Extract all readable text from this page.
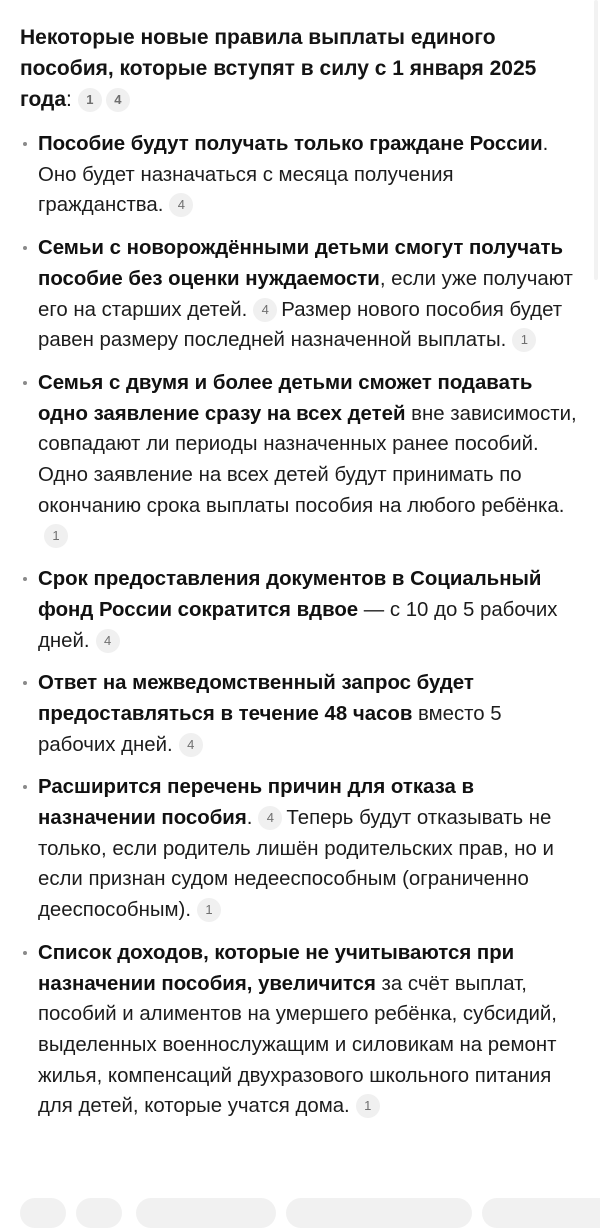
Некоторые новые правила выплаты единого пособия, которые вступят в силу с 1 января 2025 года: 1 4

Пособие будут получать только граждане России. Оно будет назначаться с месяца получения гражданства. 4
Семьи с новорождёнными детьми смогут получать пособие без оценки нуждаемости, если уже получают его на старших детей. 4 Размер нового пособия будет равен размеру последней назначенной выплаты. 1
Семья с двумя и более детьми сможет подавать одно заявление сразу на всех детей вне зависимости, совпадают ли периоды назначенных ранее пособий. Одно заявление на всех детей будут принимать по окончанию срока выплаты пособия на любого ребёнка.1
Срок предоставления документов в Социальный фонд России сократится вдвое — с 10 до 5 рабочих дней. 4
Ответ на межведомственный запрос будет предоставляться в течение 48 часов вместо 5 рабочих дней. 4
Расширится перечень причин для отказа в назначении пособия. 4 Теперь будут отказывать не только, если родитель лишён родительских прав, но и если признан судом недееспособным (ограниченно дееспособным). 1
Список доходов, которые не учитываются при назначении пособия, увеличится за счёт выплат, пособий и алиментов на умершего ребёнка, субсидий, выделенных военнослужащим и силовикам на ремонт жилья, компенсаций двухразового школьного питания для детей, которые учатся дома. 1
